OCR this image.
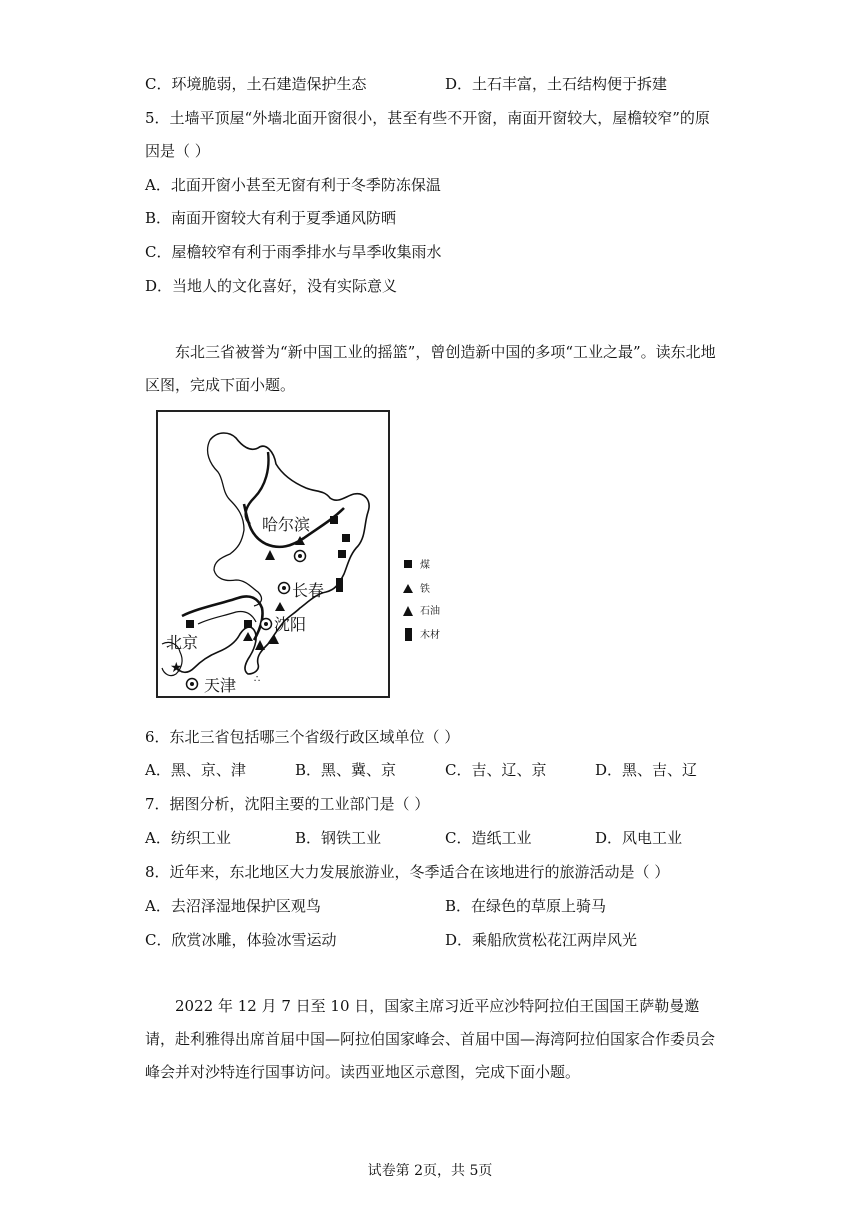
C．环境脆弱，土石建造保护生态	D．土石丰富，土石结构便于拆建
5．土墙平顶屋“外墙北面开窗很小，甚至有些不开窗，南面开窗较大，屋檐较窄”的原
因是（ ）
A．北面开窗小甚至无窗有利于冬季防冻保温
B．南面开窗较大有利于夏季通风防晒
C．屋檐较窄有利于雨季排水与旱季收集雨水
D．当地人的文化喜好，没有实际意义
东北三省被誉为“新中国工业的摇篮”，曾创造新中国的多项“工业之最”。读东北地区图，完成下面小题。
∴
哈尔滨
长春
沈阳
北京
★
天津
煤
铁
石油
木材
6．东北三省包括哪三个省级行政区域单位（ ）
A．黑、京、津	B．黑、冀、京	C．吉、辽、京	D．黑、吉、辽
7．据图分析，沈阳主要的工业部门是（ ）
A．纺织工业	B．钢铁工业	C．造纸工业	D．风电工业
8．近年来，东北地区大力发展旅游业，冬季适合在该地进行的旅游活动是（ ）
A．去沼泽湿地保护区观鸟	B．在绿色的草原上骑马
C．欣赏冰雕，体验冰雪运动	D．乘船欣赏松花江两岸风光
2022 年 12 月 7 日至 10 日，国家主席习近平应沙特阿拉伯王国国王萨勒曼邀请，赴利雅得出席首届中国—阿拉伯国家峰会、首届中国—海湾阿拉伯国家合作委员会峰会并对沙特连行国事访问。读西亚地区示意图，完成下面小题。
试卷第 2页，共 5页
